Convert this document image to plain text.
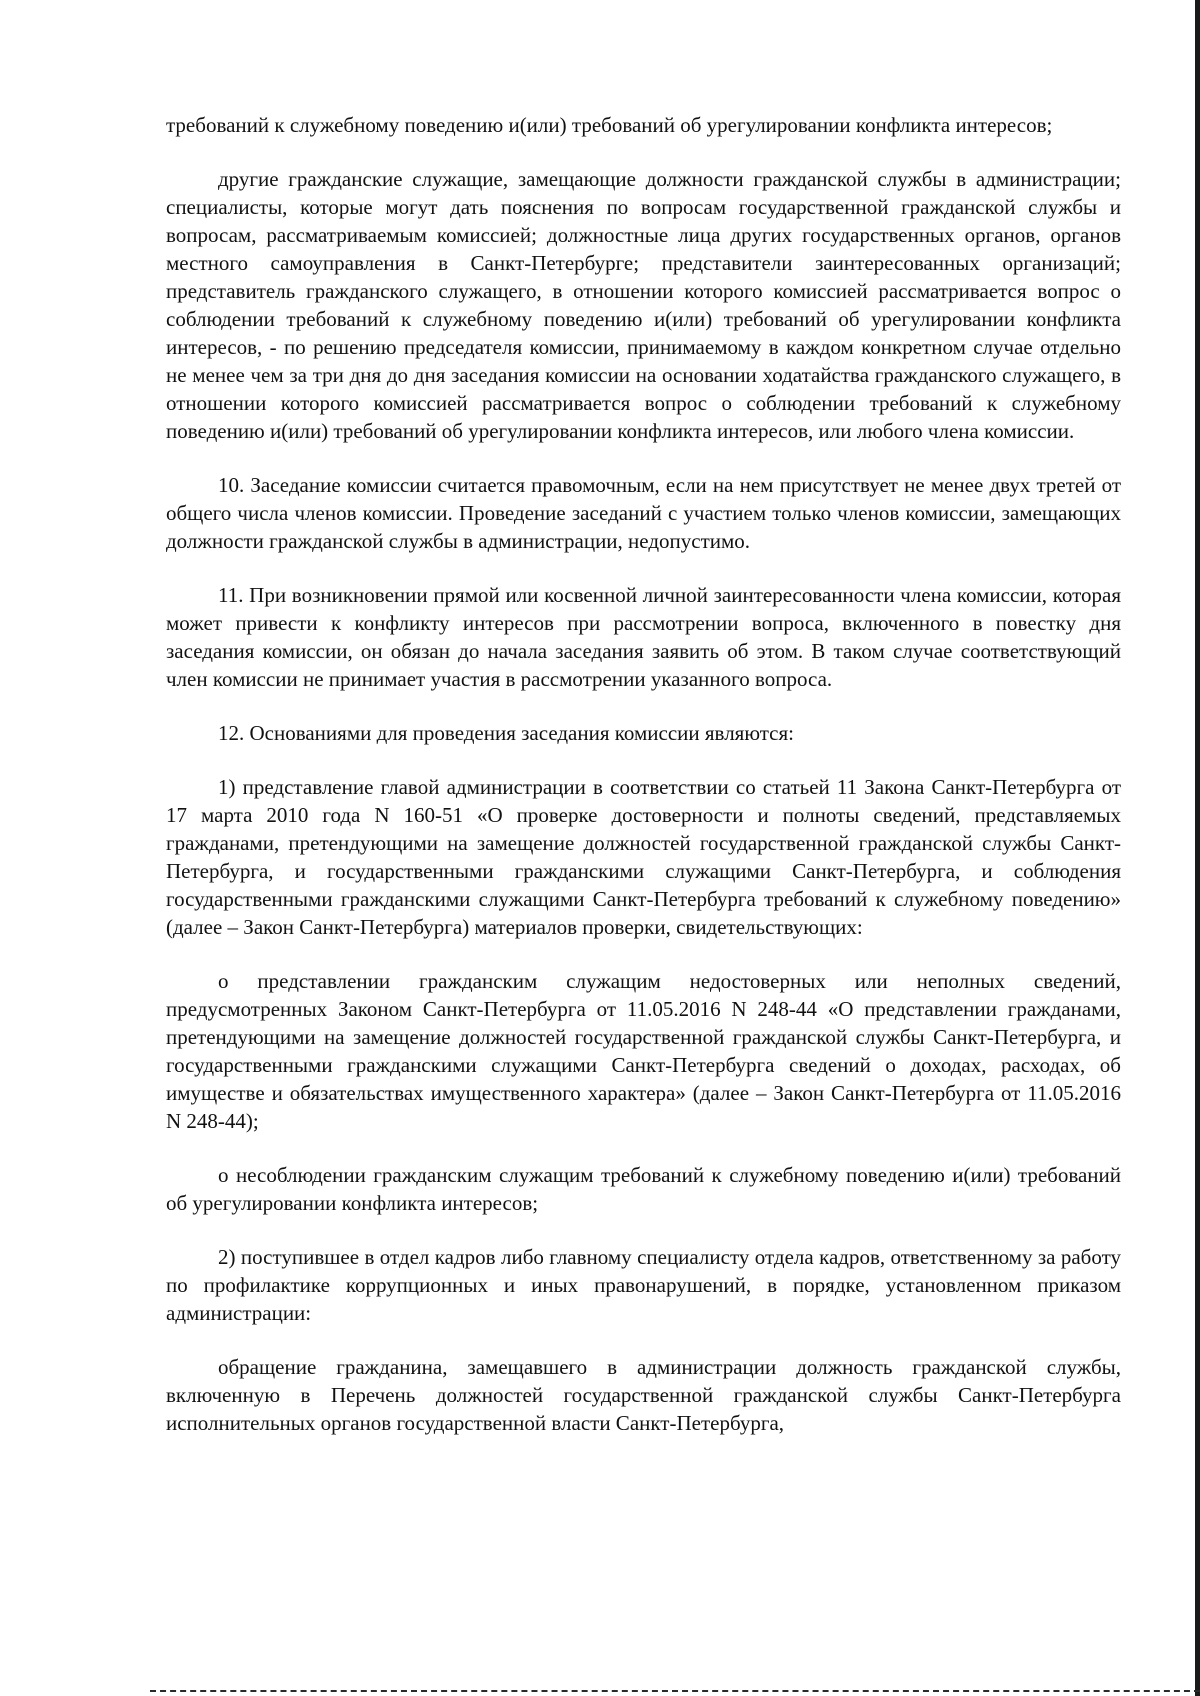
требований к служебному поведению и(или) требований об урегулировании конфликта интересов;

другие гражданские служащие, замещающие должности гражданской службы в администрации; специалисты, которые могут дать пояснения по вопросам государственной гражданской службы и вопросам, рассматриваемым комиссией; должностные лица других государственных органов, органов местного самоуправления в Санкт-Петербурге; представители заинтересованных организаций; представитель гражданского служащего, в отношении которого комиссией рассматривается вопрос о соблюдении требований к служебному поведению и(или) требований об урегулировании конфликта интересов, - по решению председателя комиссии, принимаемому в каждом конкретном случае отдельно не менее чем за три дня до дня заседания комиссии на основании ходатайства гражданского служащего, в отношении которого комиссией рассматривается вопрос о соблюдении требований к служебному поведению и(или) требований об урегулировании конфликта интересов, или любого члена комиссии.

10. Заседание комиссии считается правомочным, если на нем присутствует не менее двух третей от общего числа членов комиссии. Проведение заседаний с участием только членов комиссии, замещающих должности гражданской службы в администрации, недопустимо.

11. При возникновении прямой или косвенной личной заинтересованности члена комиссии, которая может привести к конфликту интересов при рассмотрении вопроса, включенного в повестку дня заседания комиссии, он обязан до начала заседания заявить об этом. В таком случае соответствующий член комиссии не принимает участия в рассмотрении указанного вопроса.

12. Основаниями для проведения заседания комиссии являются:

1) представление главой администрации в соответствии со статьей 11 Закона Санкт-Петербурга от 17 марта 2010 года N 160-51 «О проверке достоверности и полноты сведений, представляемых гражданами, претендующими на замещение должностей государственной гражданской службы Санкт-Петербурга, и государственными гражданскими служащими Санкт-Петербурга, и соблюдения государственными гражданскими служащими Санкт-Петербурга требований к служебному поведению» (далее – Закон Санкт-Петербурга) материалов проверки, свидетельствующих:

о представлении гражданским служащим недостоверных или неполных сведений, предусмотренных Законом Санкт-Петербурга от 11.05.2016 N 248-44 «О представлении гражданами, претендующими на замещение должностей государственной гражданской службы Санкт-Петербурга, и государственными гражданскими служащими Санкт-Петербурга сведений о доходах, расходах, об имуществе и обязательствах имущественного характера» (далее – Закон Санкт-Петербурга от 11.05.2016 N 248-44);

о несоблюдении гражданским служащим требований к служебному поведению и(или) требований об урегулировании конфликта интересов;

2) поступившее в отдел кадров либо главному специалисту отдела кадров, ответственному за работу по профилактике коррупционных и иных правонарушений, в порядке, установленном приказом администрации:

обращение гражданина, замещавшего в администрации должность гражданской службы, включенную в Перечень должностей государственной гражданской службы Санкт-Петербурга исполнительных органов государственной власти Санкт-Петербурга,
